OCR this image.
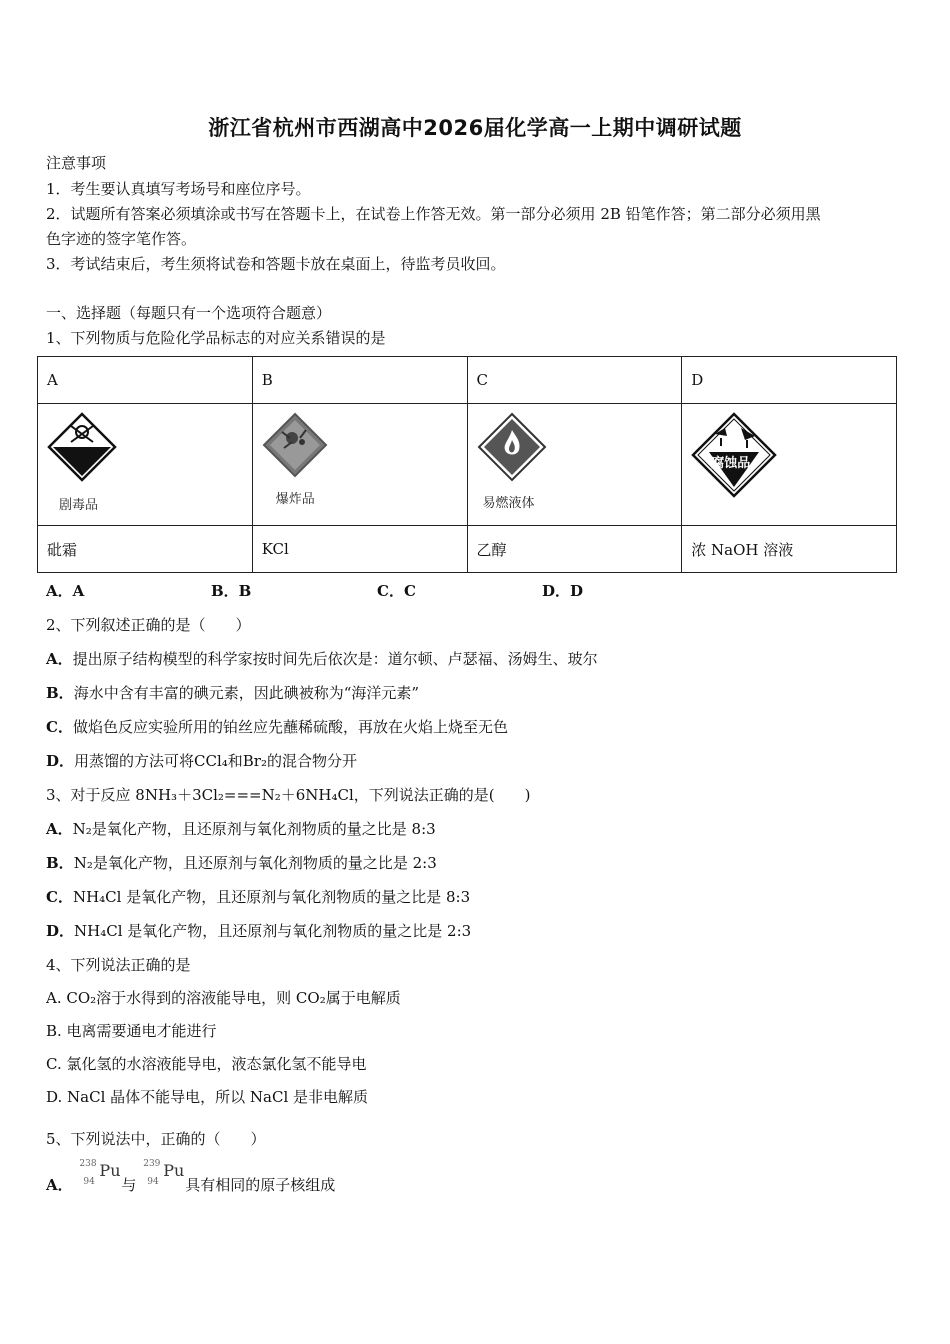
浙江省杭州市西湖高中2026届化学高一上期中调研试题
注意事项
1．考生要认真填写考场号和座位序号。
2．试题所有答案必须填涂或书写在答题卡上，在试卷上作答无效。第一部分必须用 2B 铅笔作答；第二部分必须用黑
色字迹的签字笔作答。
3．考试结束后，考生须将试卷和答题卡放在桌面上，待监考员收回。
一、选择题（每题只有一个选项符合题意）
1、下列物质与危险化学品标志的对应关系错误的是
A	B	C	D

剧毒品	爆炸品	易燃液体	腐蚀品

砒霜	KCl	乙醇	浓 NaOH 溶液
A．A	B．B	C．C	D．D
2、下列叙述正确的是（　　）
A．提出原子结构模型的科学家按时间先后依次是：道尔顿、卢瑟福、汤姆生、玻尔
B．海水中含有丰富的碘元素，因此碘被称为“海洋元素”
C．做焰色反应实验所用的铂丝应先蘸稀硫酸，再放在火焰上烧至无色
D．用蒸馏的方法可将CCl₄和Br₂的混合物分开
3、对于反应 8NH₃＋3Cl₂===N₂＋6NH₄Cl，下列说法正确的是(　　)
A．N₂是氧化产物，且还原剂与氧化剂物质的量之比是 8:3
B．N₂是氧化产物，且还原剂与氧化剂物质的量之比是 2:3
C．NH₄Cl 是氧化产物，且还原剂与氧化剂物质的量之比是 8:3
D．NH₄Cl 是氧化产物，且还原剂与氧化剂物质的量之比是 2:3
4、下列说法正确的是
A. CO₂溶于水得到的溶液能导电，则 CO₂属于电解质
B. 电离需要通电才能进行
C. 氯化氢的水溶液能导电，液态氯化氢不能导电
D. NaCl 晶体不能导电，所以 NaCl 是非电解质
5、下列说法中，正确的（　　）
A．
238
94
Pu
与
239
94
Pu
具有相同的原子核组成
